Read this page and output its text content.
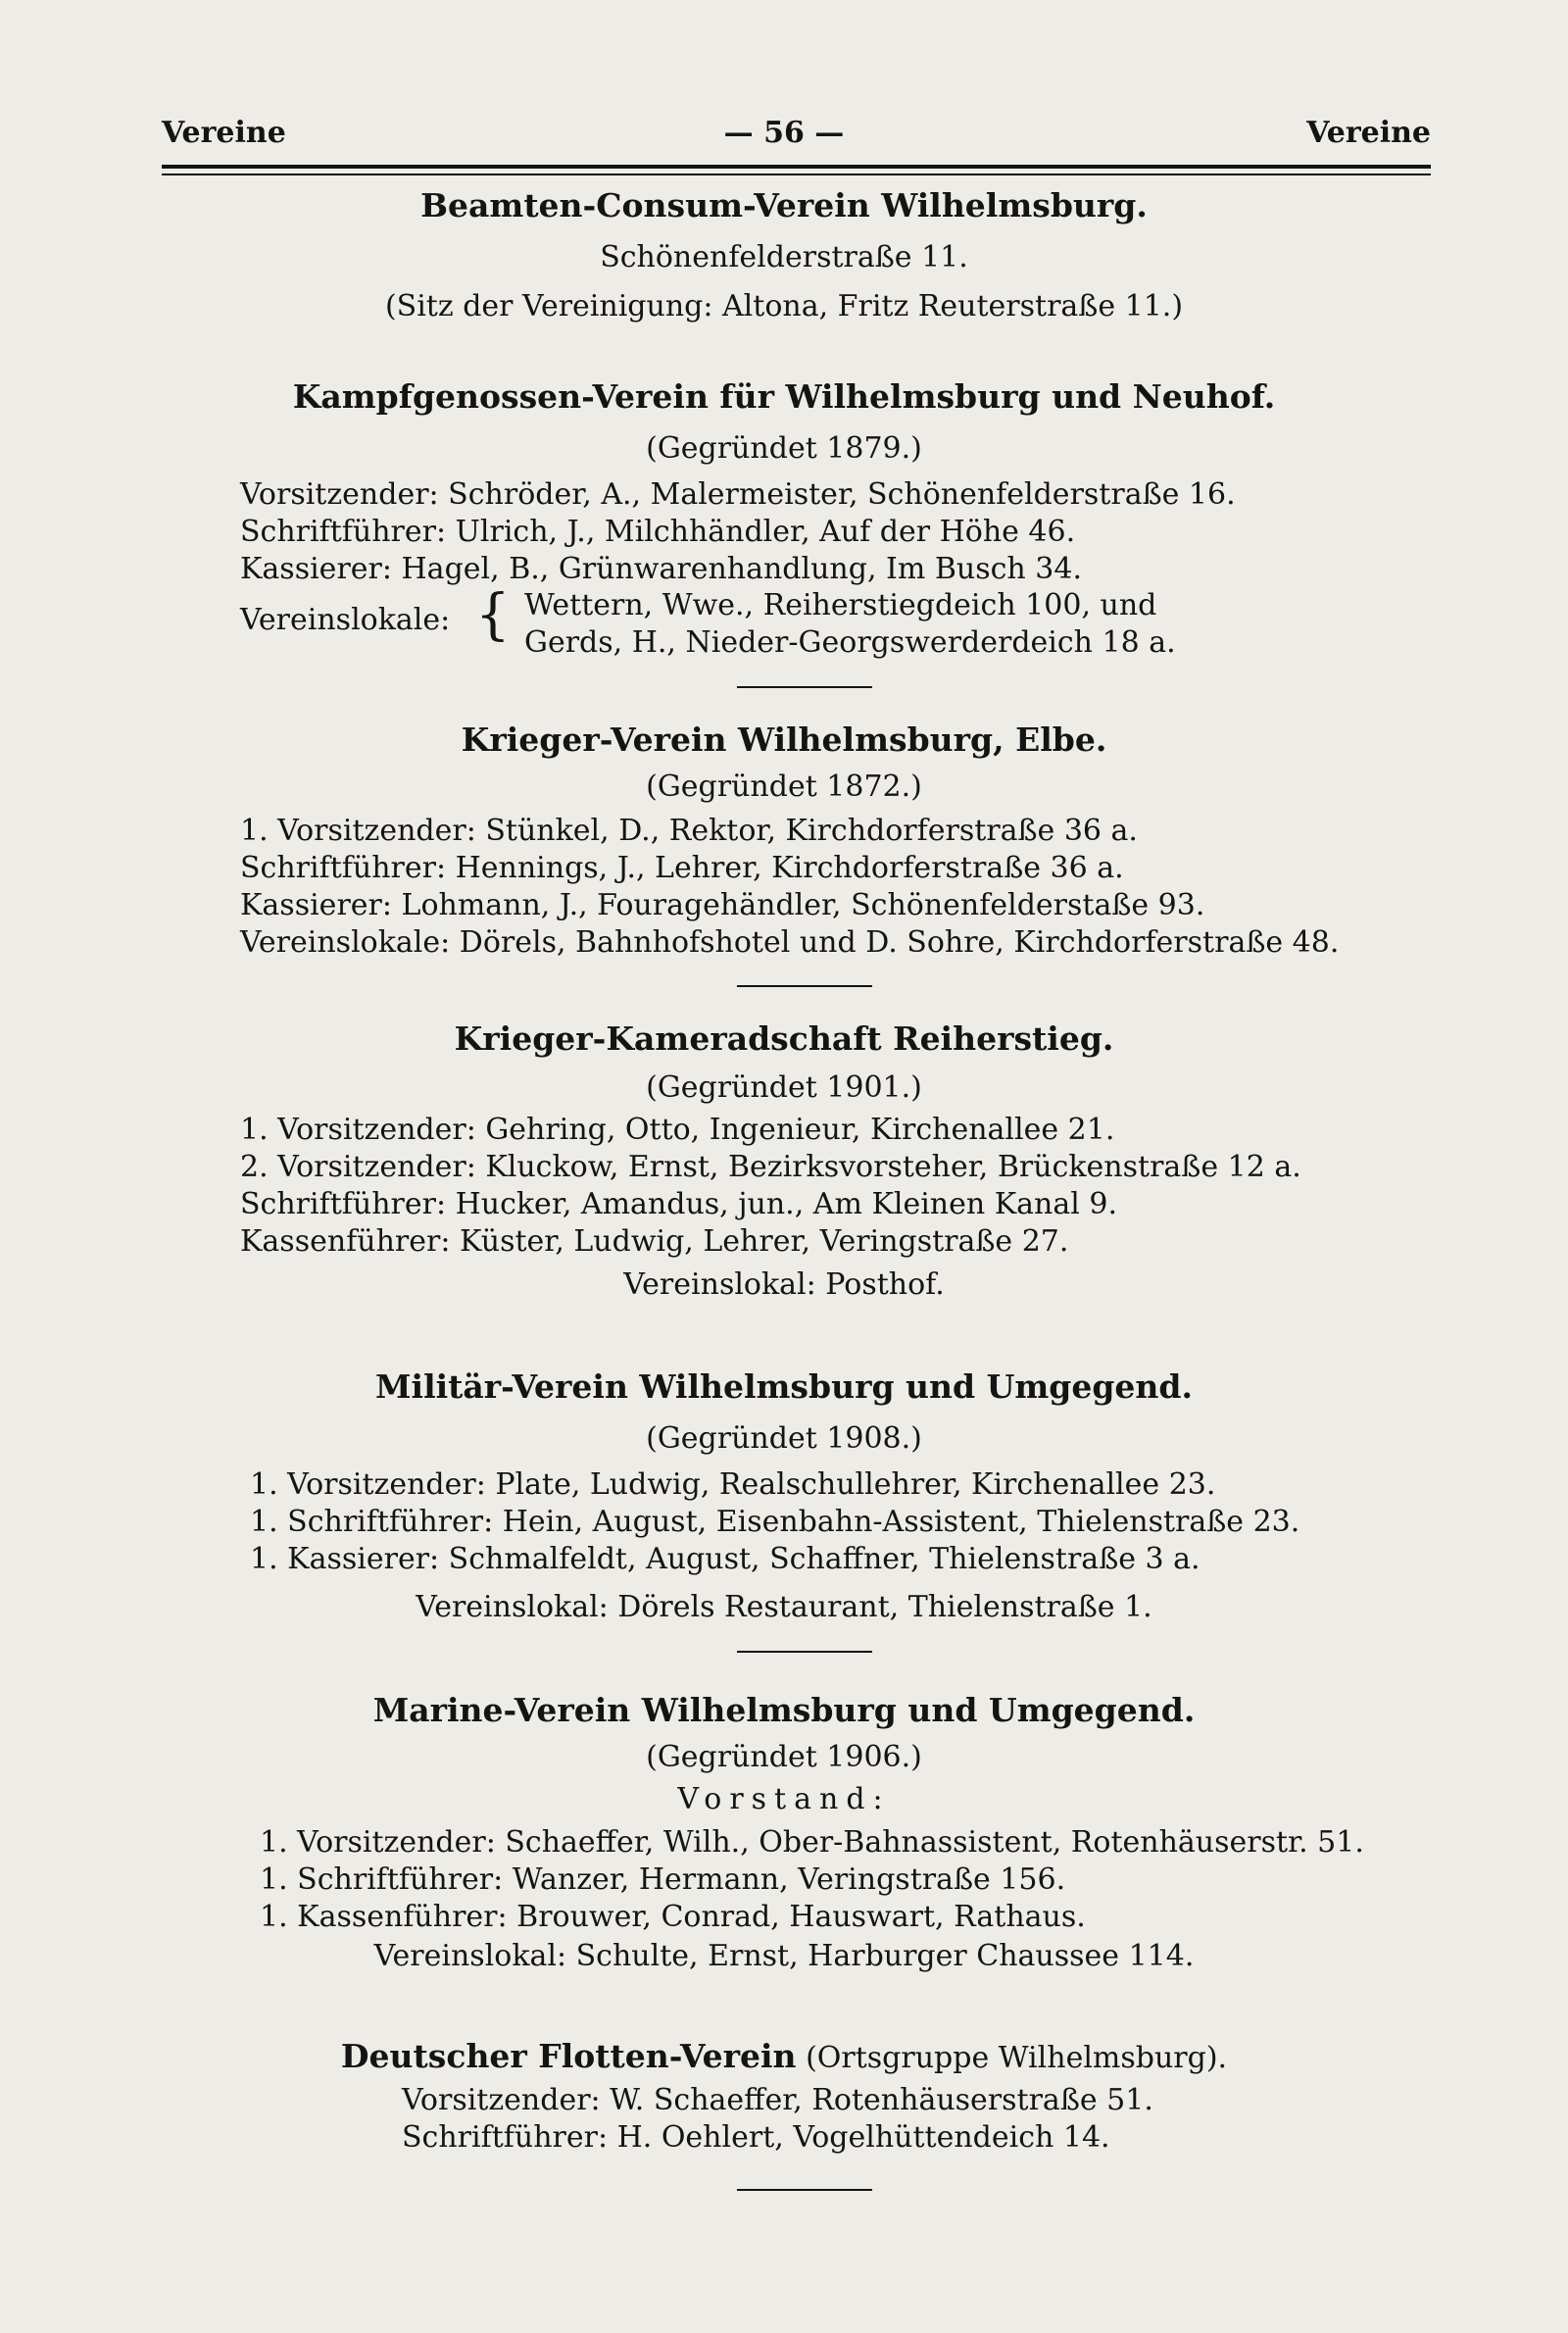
Vereine	— 56 —	Vereine
Beamten-Consum-Verein Wilhelmsburg.
Schönenfelderstraße 11.
(Sitz der Vereinigung: Altona, Fritz Reuterstraße 11.)
Kampfgenossen-Verein für Wilhelmsburg und Neuhof.
(Gegründet 1879.)
Vorsitzender: Schröder, A., Malermeister, Schönenfelderstraße 16.
Schriftführer: Ulrich, J., Milchhändler, Auf der Höhe 46.
Kassierer: Hagel, B., Grünwarenhandlung, Im Busch 34.
Vereinslokale: { Wettern, Wwe., Reiherstiegdeich 100, und
Gerds, H., Nieder-Georgswerderdeich 18 a.
Krieger-Verein Wilhelmsburg, Elbe.
(Gegründet 1872.)
1. Vorsitzender: Stünkel, D., Rektor, Kirchdorferstraße 36 a.
Schriftführer: Hennings, J., Lehrer, Kirchdorferstraße 36 a.
Kassierer: Lohmann, J., Fouragehändler, Schönenfelderstaße 93.
Vereinslokale: Dörels, Bahnhofshotel und D. Sohre, Kirchdorferstraße 48.
Krieger-Kameradschaft Reiherstieg.
(Gegründet 1901.)
1. Vorsitzender: Gehring, Otto, Ingenieur, Kirchenallee 21.
2. Vorsitzender: Kluckow, Ernst, Bezirksvorsteher, Brückenstraße 12 a.
Schriftführer: Hucker, Amandus, jun., Am Kleinen Kanal 9.
Kassenführer: Küster, Ludwig, Lehrer, Veringstraße 27.
Vereinslokal: Posthof.
Militär-Verein Wilhelmsburg und Umgegend.
(Gegründet 1908.)
1. Vorsitzender: Plate, Ludwig, Realschullehrer, Kirchenallee 23.
1. Schriftführer: Hein, August, Eisenbahn-Assistent, Thielenstraße 23.
1. Kassierer: Schmalfeldt, August, Schaffner, Thielenstraße 3 a.
Vereinslokal: Dörels Restaurant, Thielenstraße 1.
Marine-Verein Wilhelmsburg und Umgegend.
(Gegründet 1906.)
Vorstand:
1. Vorsitzender: Schaeffer, Wilh., Ober-Bahnassistent, Rotenhäuserstr. 51.
1. Schriftführer: Wanzer, Hermann, Veringstraße 156.
1. Kassenführer: Brouwer, Conrad, Hauswart, Rathaus.
Vereinslokal: Schulte, Ernst, Harburger Chaussee 114.
Deutscher Flotten-Verein (Ortsgruppe Wilhelmsburg).
Vorsitzender: W. Schaeffer, Rotenhäuserstraße 51.
Schriftführer: H. Oehlert, Vogelhüttendeich 14.
